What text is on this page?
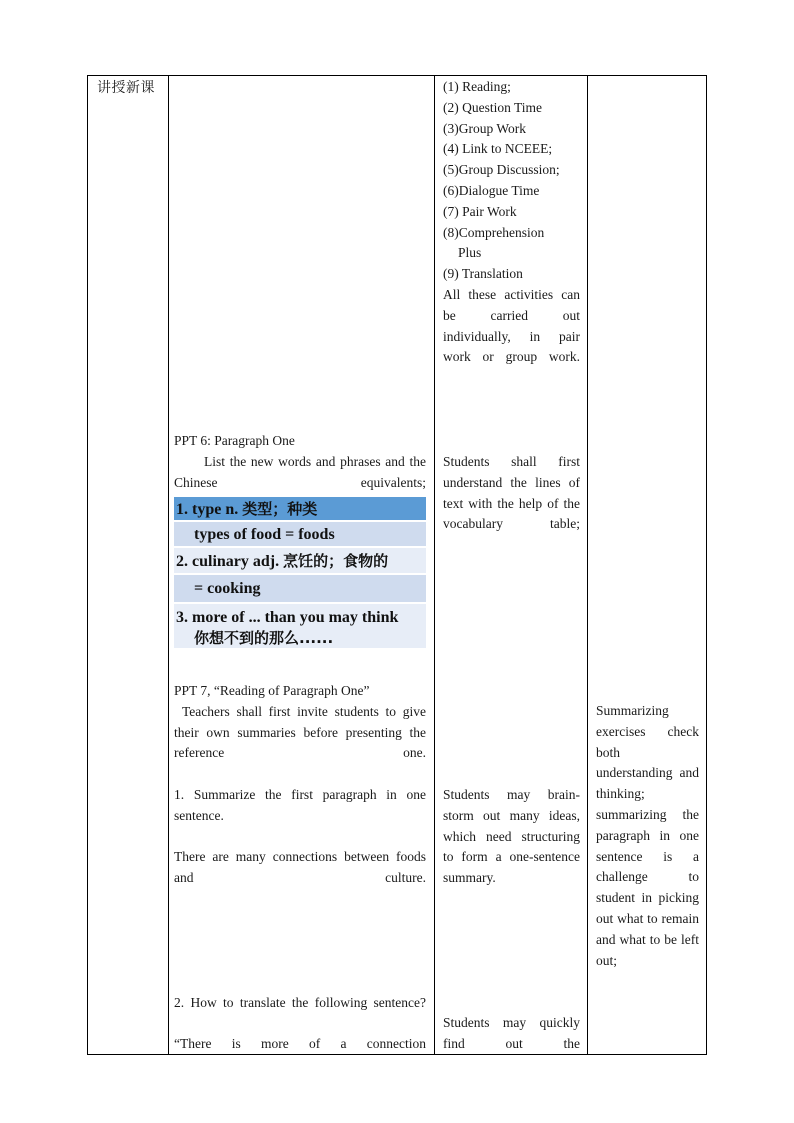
讲授新课	(1) Reading;
(2) Question Time
(3)Group Work
(4) Link to NCEEE;
(5)Group Discussion;
(6)Dialogue Time
(7) Pair Work
(8)Comprehension
Plus
(9) Translation
All these activities can be carried out individually, in pair work or group work.
PPT 6: Paragraph One
List the new words and phrases and the Chinese equivalents;
1. type n. 类型；种类
types of food = foods
2. culinary adj. 烹饪的；食物的
= cooking
3. more of ... than you may think
你想不到的那么......
Students shall first understand the lines of text with the help of the vocabulary table;
PPT 7, “Reading of Paragraph One”
Teachers shall first invite students to give their own summaries before presenting the reference one.
1. Summarize the first paragraph in one sentence.
There are many connections between foods and culture.
2. How to translate the following sentence?
“There is more of a connection
Students may brain-storm out many ideas, which need structuring to form a one-sentence summary.
Students may quickly find out the
Summarizing exercises check both understanding and thinking; summarizing the paragraph in one sentence is a challenge to student in picking out what to remain and what to be left out;
